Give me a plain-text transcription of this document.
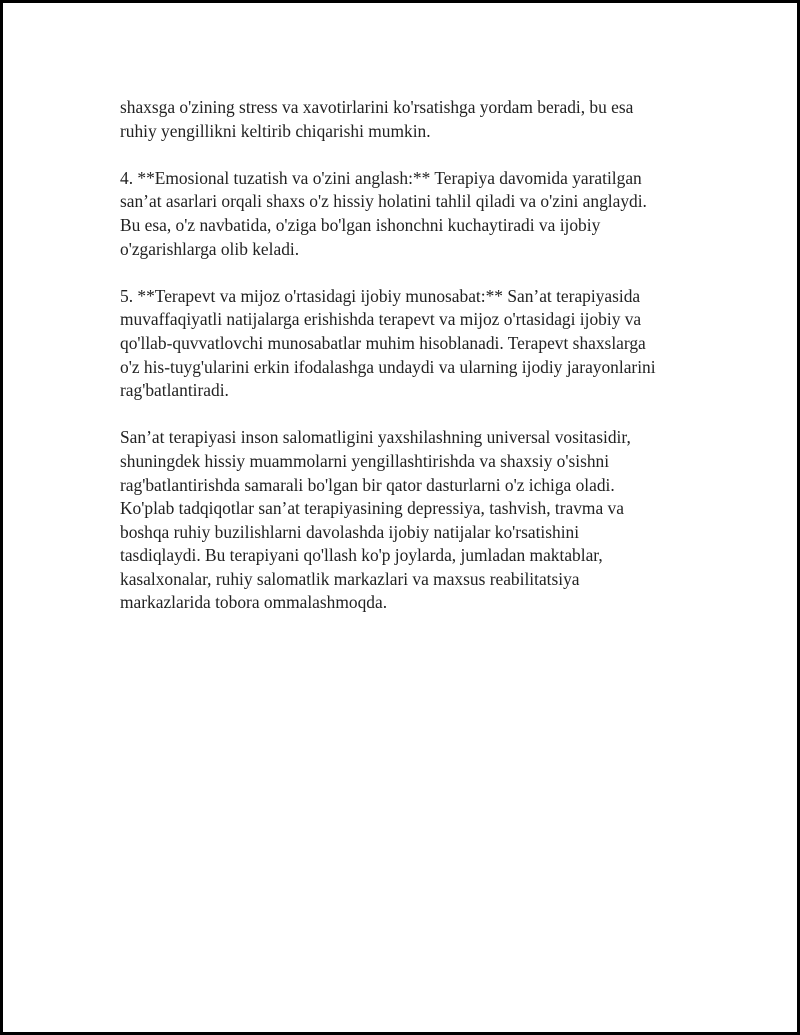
shaxsga o'zining stress va xavotirlarini ko'rsatishga yordam beradi, bu esa
ruhiy yengillikni keltirib chiqarishi mumkin.
4. **Emosional tuzatish va o'zini anglash:** Terapiya davomida yaratilgan
san’at asarlari orqali shaxs o'z hissiy holatini tahlil qiladi va o'zini anglaydi.
Bu esa, o'z navbatida, o'ziga bo'lgan ishonchni kuchaytiradi va ijobiy
o'zgarishlarga olib keladi.
5. **Terapevt va mijoz o'rtasidagi ijobiy munosabat:** San’at terapiyasida
muvaffaqiyatli natijalarga erishishda terapevt va mijoz o'rtasidagi ijobiy va
qo'llab-quvvatlovchi munosabatlar muhim hisoblanadi. Terapevt shaxslarga
o'z his-tuyg'ularini erkin ifodalashga undaydi va ularning ijodiy jarayonlarini
rag'batlantiradi.
San’at terapiyasi inson salomatligini yaxshilashning universal vositasidir,
shuningdek hissiy muammolarni yengillashtirishda va shaxsiy o'sishni
rag'batlantirishda samarali bo'lgan bir qator dasturlarni o'z ichiga oladi.
Ko'plab tadqiqotlar san’at terapiyasining depressiya, tashvish, travma va
boshqa ruhiy buzilishlarni davolashda ijobiy natijalar ko'rsatishini
tasdiqlaydi. Bu terapiyani qo'llash ko'p joylarda, jumladan maktablar,
kasalxonalar, ruhiy salomatlik markazlari va maxsus reabilitatsiya
markazlarida tobora ommalashmoqda.
